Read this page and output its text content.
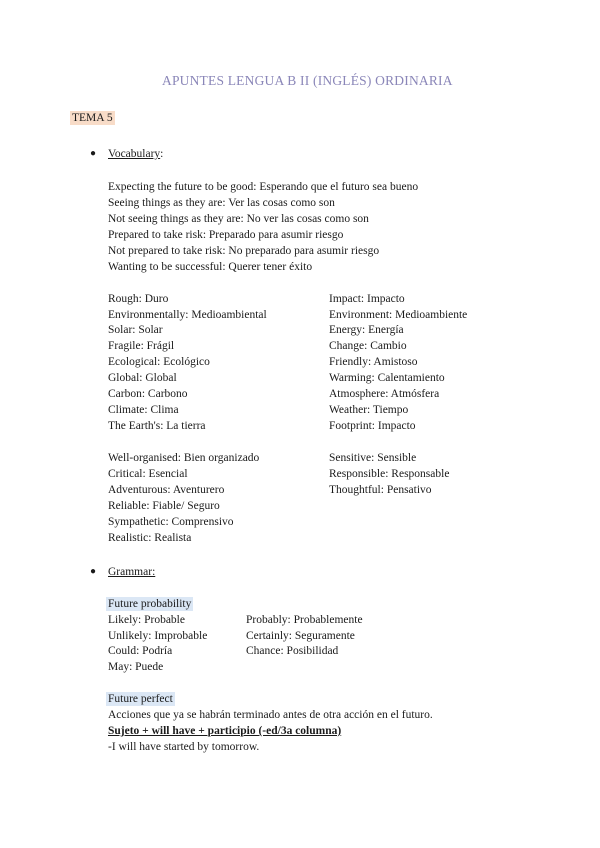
APUNTES LENGUA B II (INGLÉS) ORDINARIA
TEMA 5
● Vocabulary:
Expecting the future to be good: Esperando que el futuro sea bueno
Seeing things as they are: Ver las cosas como son
Not seeing things as they are: No ver las cosas como son
Prepared to take risk: Preparado para asumir riesgo
Not prepared to take risk: No preparado para asumir riesgo
Wanting to be successful: Querer tener éxito
Rough: Duro
Environmentally: Medioambiental
Solar: Solar
Fragile: Frágil
Ecological: Ecológico
Global: Global
Carbon: Carbono
Climate: Clima
The Earth's: La tierra
Impact: Impacto
Environment: Medioambiente
Energy: Energía
Change: Cambio
Friendly: Amistoso
Warming: Calentamiento
Atmosphere: Atmósfera
Weather: Tiempo
Footprint: Impacto
Well-organised: Bien organizado
Critical: Esencial
Adventurous: Aventurero
Reliable: Fiable/ Seguro
Sympathetic: Comprensivo
Realistic: Realista
Sensitive: Sensible
Responsible: Responsable
Thoughtful: Pensativo
● Grammar:
Future probability
Likely: Probable
Unlikely: Improbable
Could: Podría
May: Puede
Probably: Probablemente
Certainly: Seguramente
Chance: Posibilidad
Future perfect
Acciones que ya se habrán terminado antes de otra acción en el futuro.
Sujeto + will have + participio (-ed/3a columna)
-I will have started by tomorrow.
